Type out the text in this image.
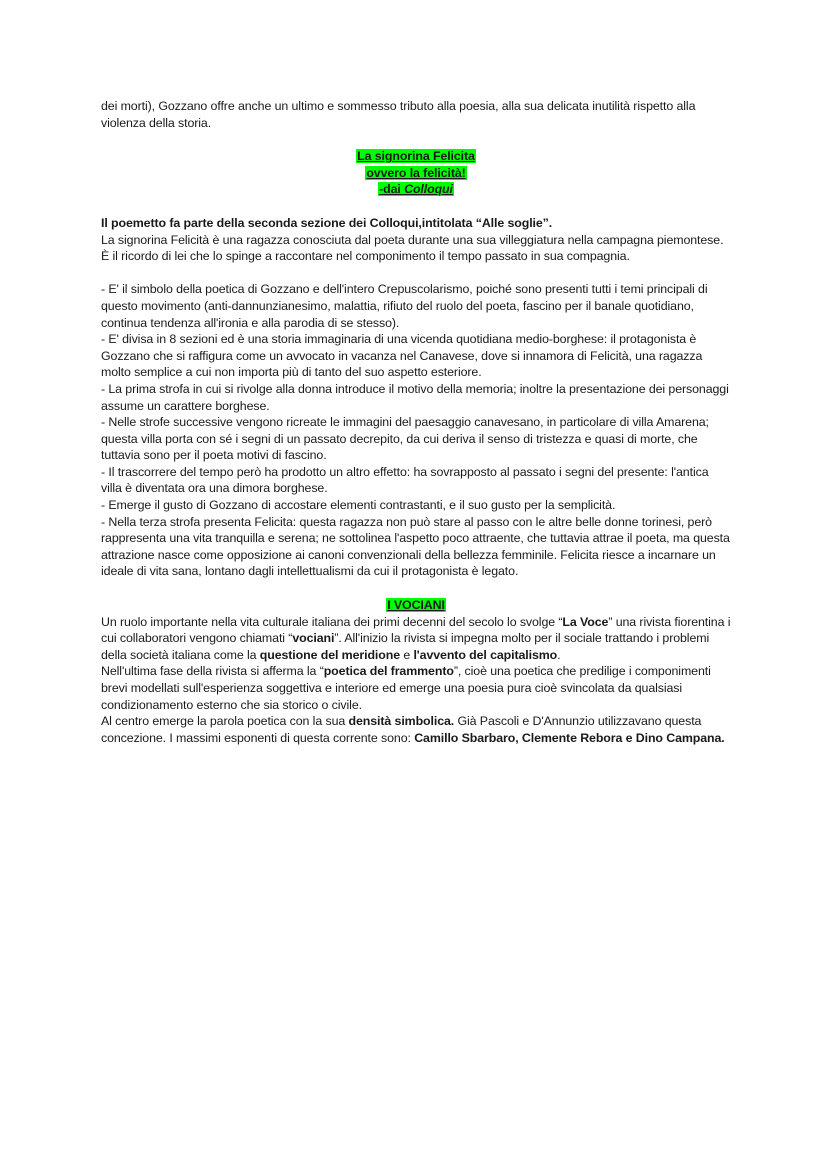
dei morti), Gozzano offre anche un ultimo e sommesso tributo alla poesia, alla sua delicata inutilità rispetto alla violenza della storia.

La signorina Felicita
ovvero la felicità!
-dai Colloqui

Il poemetto fa parte della seconda sezione dei Colloqui,intitolata “Alle soglie”.

La signorina Felicità è una ragazza conosciuta dal poeta durante una sua villeggiatura nella campagna piemontese. È il ricordo di lei che lo spinge a raccontare nel componimento il tempo passato in sua compagnia.

- E' il simbolo della poetica di Gozzano e dell'intero Crepuscolarismo, poiché sono presenti tutti i temi principali di questo movimento (anti-dannunzianesimo, malattia, rifiuto del ruolo del poeta, fascino per il banale quotidiano, continua tendenza all'ironia e alla parodia di se stesso).

- E' divisa in 8 sezioni ed è una storia immaginaria di una vicenda quotidiana medio-borghese: il protagonista è Gozzano che si raffigura come un avvocato in vacanza nel Canavese, dove si innamora di Felicità, una ragazza molto semplice a cui non importa più di tanto del suo aspetto esteriore.

- La prima strofa in cui si rivolge alla donna introduce il motivo della memoria; inoltre la presentazione dei personaggi assume un carattere borghese.

- Nelle strofe successive vengono ricreate le immagini del paesaggio canavesano, in particolare di villa Amarena; questa villa porta con sé i segni di un passato decrepito, da cui deriva il senso di tristezza e quasi di morte, che tuttavia sono per il poeta motivi di fascino.

- Il trascorrere del tempo però ha prodotto un altro effetto: ha sovrapposto al passato i segni del presente: l'antica villa è diventata ora una dimora borghese.

- Emerge il gusto di Gozzano di accostare elementi contrastanti, e il suo gusto per la semplicità.

- Nella terza strofa presenta Felicita: questa ragazza non può stare al passo con le altre belle donne torinesi, però rappresenta una vita tranquilla e serena; ne sottolinea l'aspetto poco attraente, che tuttavia attrae il poeta, ma questa attrazione nasce come opposizione ai canoni convenzionali della bellezza femminile. Felicita riesce a incarnare un ideale di vita sana, lontano dagli intellettualismi da cui il protagonista è legato.

I VOCIANI

Un ruolo importante nella vita culturale italiana dei primi decenni del secolo lo svolge “La Voce” una rivista fiorentina i cui collaboratori vengono chiamati “vociani”. All'inizio la rivista si impegna molto per il sociale trattando i problemi della società italiana come la questione del meridione e l'avvento del capitalismo.

Nell'ultima fase della rivista si afferma la “poetica del frammento”, cioè una poetica che predilige i componimenti brevi modellati sull'esperienza soggettiva e interiore ed emerge una poesia pura cioè svincolata da qualsiasi condizionamento esterno che sia storico o civile.

Al centro emerge la parola poetica con la sua densità simbolica. Già Pascoli e D'Annunzio utilizzavano questa concezione. I massimi esponenti di questa corrente sono: Camillo Sbarbaro, Clemente Rebora e Dino Campana.
